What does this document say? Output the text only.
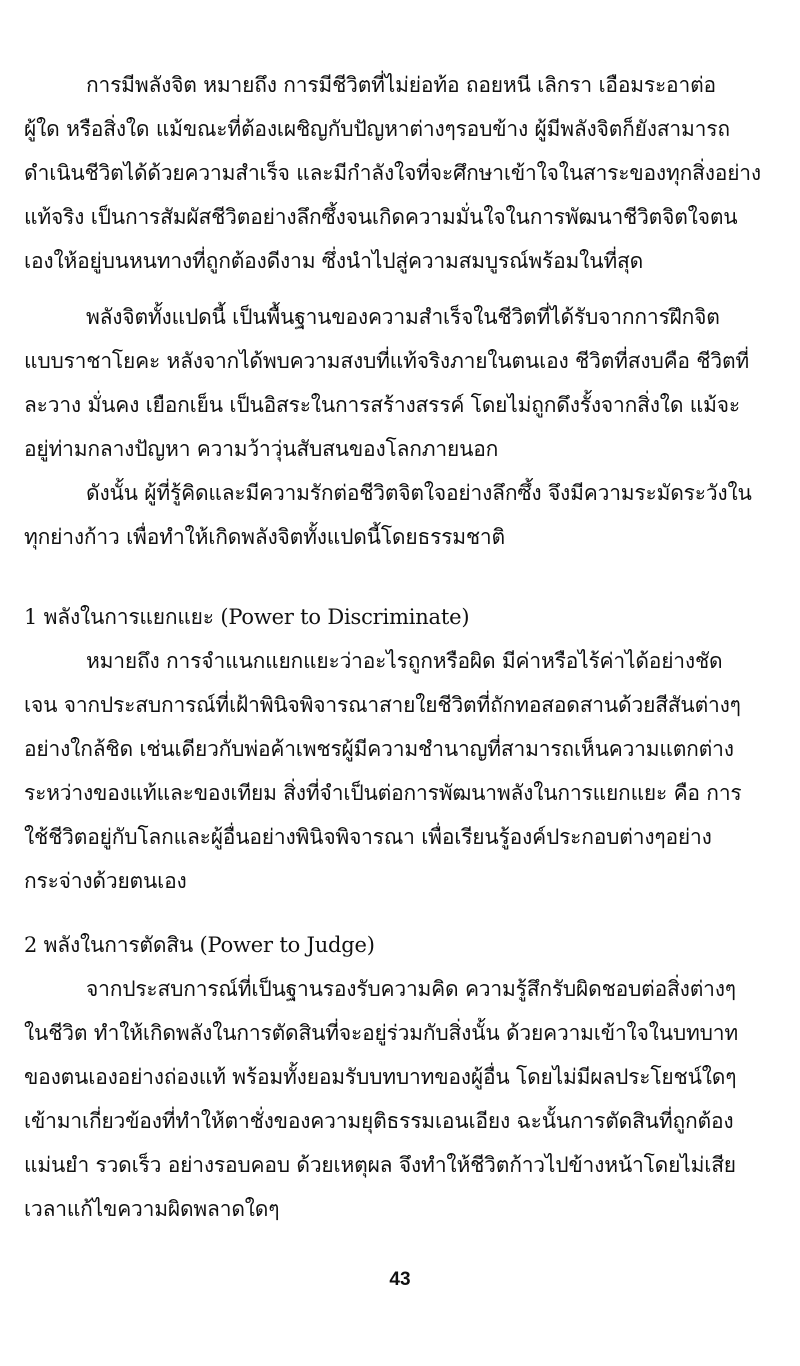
การมีพลังจิต หมายถึง การมีชีวิตที่ไม่ย่อท้อ ถอยหนี เลิกรา เอือมระอาต่อ
ผู้ใด หรือสิ่งใด แม้ขณะที่ต้องเผชิญกับปัญหาต่างๆรอบข้าง ผู้มีพลังจิตก็ยังสามารถ
ดำเนินชีวิตได้ด้วยความสำเร็จ และมีกำลังใจที่จะศึกษาเข้าใจในสาระของทุกสิ่งอย่าง
แท้จริง เป็นการสัมผัสชีวิตอย่างลึกซึ้งจนเกิดความมั่นใจในการพัฒนาชีวิตจิตใจตน
เองให้อยู่บนหนทางที่ถูกต้องดีงาม ซึ่งนำไปสู่ความสมบูรณ์พร้อมในที่สุด
พลังจิตทั้งแปดนี้ เป็นพื้นฐานของความสำเร็จในชีวิตที่ได้รับจากการฝึกจิต
แบบราชาโยคะ หลังจากได้พบความสงบที่แท้จริงภายในตนเอง ชีวิตที่สงบคือ ชีวิตที่
ละวาง มั่นคง เยือกเย็น เป็นอิสระในการสร้างสรรค์ โดยไม่ถูกดึงรั้งจากสิ่งใด แม้จะ
อยู่ท่ามกลางปัญหา ความว้าวุ่นสับสนของโลกภายนอก
ดังนั้น ผู้ที่รู้คิดและมีความรักต่อชีวิตจิตใจอย่างลึกซึ้ง จึงมีความระมัดระวังใน
ทุกย่างก้าว เพื่อทำให้เกิดพลังจิตทั้งแปดนี้โดยธรรมชาติ
1 พลังในการแยกแยะ (Power to Discriminate)
หมายถึง การจำแนกแยกแยะว่าอะไรถูกหรือผิด มีค่าหรือไร้ค่าได้อย่างชัด
เจน จากประสบการณ์ที่เฝ้าพินิจพิจารณาสายใยชีวิตที่ถักทอสอดสานด้วยสีสันต่างๆ
อย่างใกล้ชิด เช่นเดียวกับพ่อค้าเพชรผู้มีความชำนาญที่สามารถเห็นความแตกต่าง
ระหว่างของแท้และของเทียม สิ่งที่จำเป็นต่อการพัฒนาพลังในการแยกแยะ คือ การ
ใช้ชีวิตอยู่กับโลกและผู้อื่นอย่างพินิจพิจารณา เพื่อเรียนรู้องค์ประกอบต่างๆอย่าง
กระจ่างด้วยตนเอง
2 พลังในการตัดสิน (Power to Judge)
จากประสบการณ์ที่เป็นฐานรองรับความคิด ความรู้สึกรับผิดชอบต่อสิ่งต่างๆ
ในชีวิต ทำให้เกิดพลังในการตัดสินที่จะอยู่ร่วมกับสิ่งนั้น ด้วยความเข้าใจในบทบาท
ของตนเองอย่างถ่องแท้ พร้อมทั้งยอมรับบทบาทของผู้อื่น โดยไม่มีผลประโยชน์ใดๆ
เข้ามาเกี่ยวข้องที่ทำให้ตาชั่งของความยุติธรรมเอนเอียง ฉะนั้นการตัดสินที่ถูกต้อง
แม่นยำ รวดเร็ว อย่างรอบคอบ ด้วยเหตุผล จึงทำให้ชีวิตก้าวไปข้างหน้าโดยไม่เสีย
เวลาแก้ไขความผิดพลาดใดๆ
43
